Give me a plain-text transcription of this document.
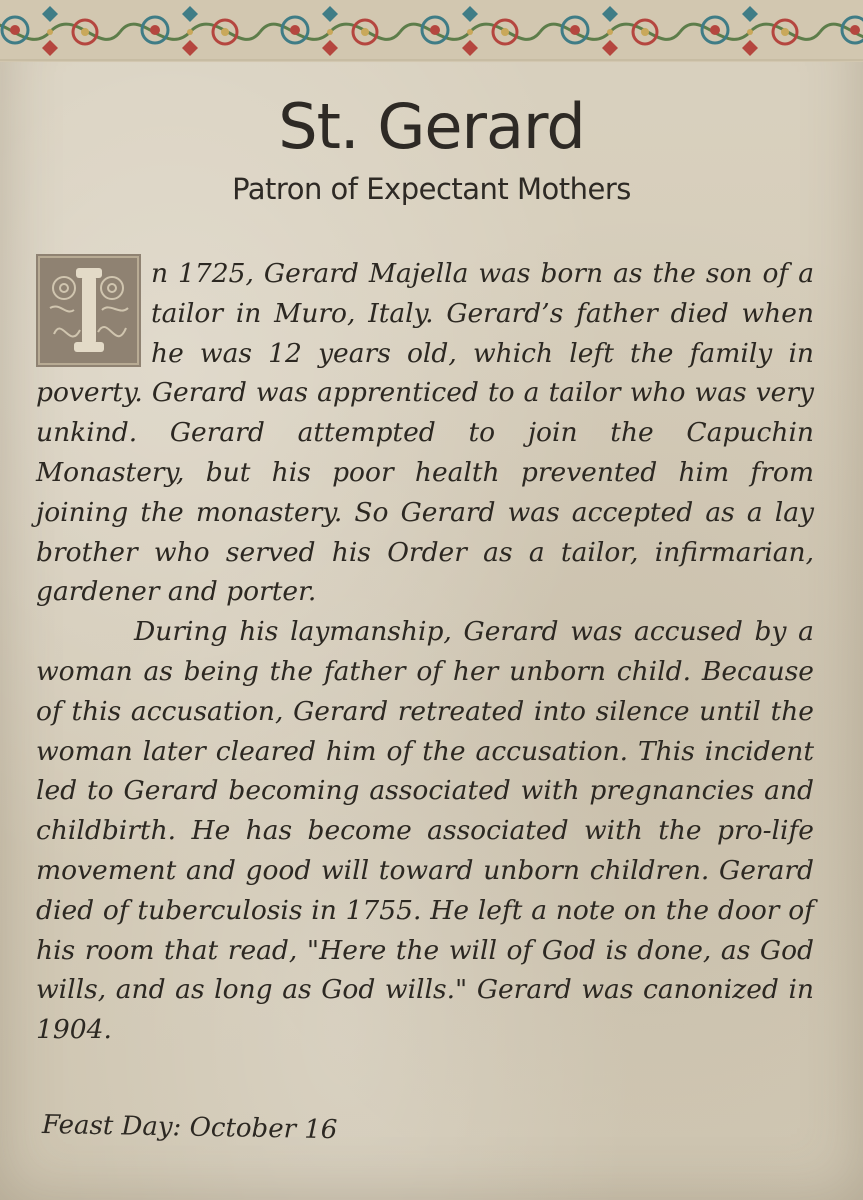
St. Gerard
Patron of Expectant Mothers

I
n 1725, Gerard Majella was born as the son of a tailor in Muro, Italy. Gerard’s father died when he was 12 years old, which left the family in poverty. Gerard was apprenticed to a tailor who was very unkind. Gerard attempted to join the Capuchin Monastery, but his poor health prevented him from joining the monastery. So Gerard was accepted as a lay brother who served his Order as a tailor, infirmarian, gardener and porter.

During his laymanship, Gerard was accused by a woman as being the father of her unborn child. Because of this accusation, Gerard retreated into silence until the woman later cleared him of the accusation. This incident led to Gerard becoming associated with pregnancies and childbirth. He has become associated with the pro-life movement and good will toward unborn children. Gerard died of tuberculosis in 1755. He left a note on the door of his room that read, "Here the will of God is done, as God wills, and as long as God wills." Gerard was canonized in 1904.

Feast Day: October 16
